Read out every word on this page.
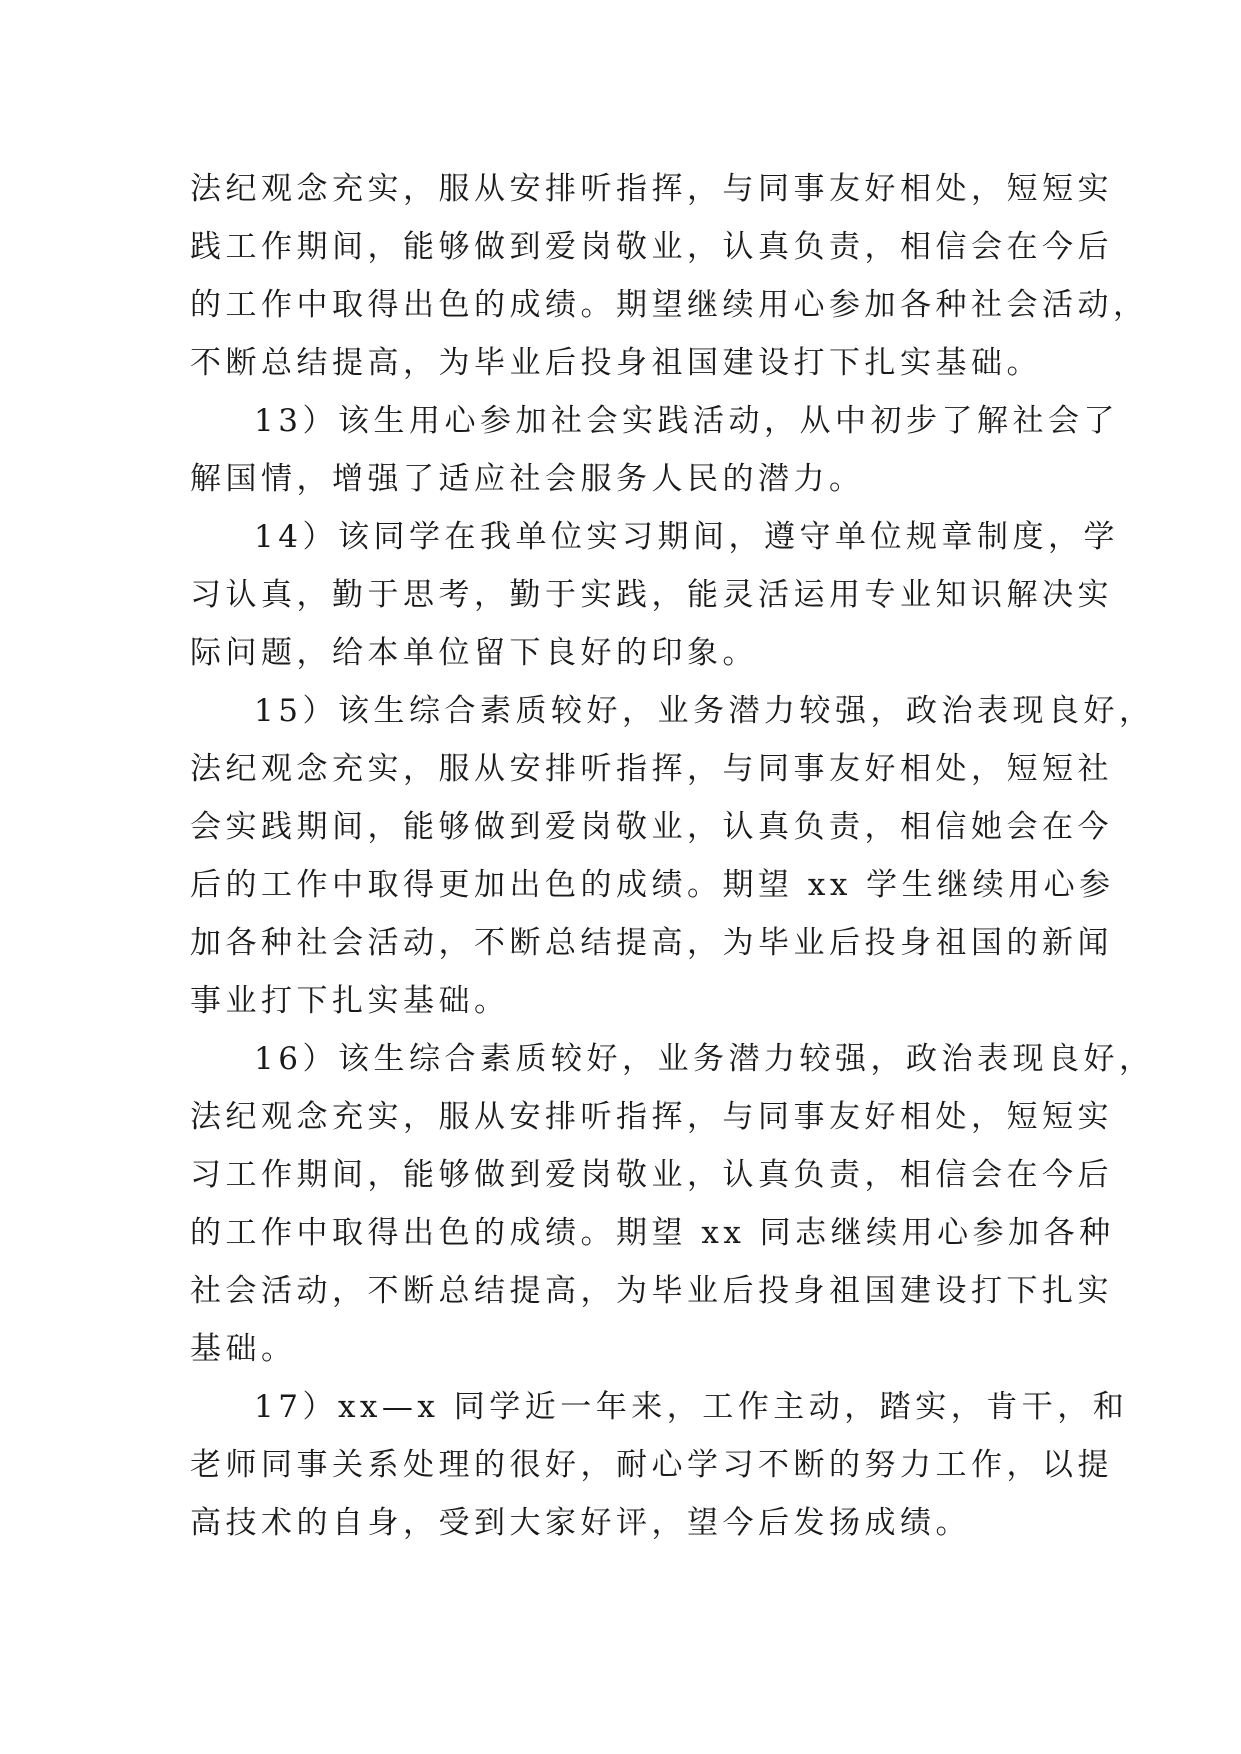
法纪观念充实，服从安排听指挥，与同事友好相处，短短实
践工作期间，能够做到爱岗敬业，认真负责，相信会在今后
的工作中取得出色的成绩。期望继续用心参加各种社会活动，
不断总结提高，为毕业后投身祖国建设打下扎实基础。
13）该生用心参加社会实践活动，从中初步了解社会了
解国情，增强了适应社会服务人民的潜力。
14）该同学在我单位实习期间，遵守单位规章制度，学
习认真，勤于思考，勤于实践，能灵活运用专业知识解决实
际问题，给本单位留下良好的印象。
15）该生综合素质较好，业务潜力较强，政治表现良好，
法纪观念充实，服从安排听指挥，与同事友好相处，短短社
会实践期间，能够做到爱岗敬业，认真负责，相信她会在今
后的工作中取得更加出色的成绩。期望 xx 学生继续用心参
加各种社会活动，不断总结提高，为毕业后投身祖国的新闻
事业打下扎实基础。
16）该生综合素质较好，业务潜力较强，政治表现良好，
法纪观念充实，服从安排听指挥，与同事友好相处，短短实
习工作期间，能够做到爱岗敬业，认真负责，相信会在今后
的工作中取得出色的成绩。期望 xx 同志继续用心参加各种
社会活动，不断总结提高，为毕业后投身祖国建设打下扎实
基础。
17）xx—x 同学近一年来，工作主动，踏实，肯干，和
老师同事关系处理的很好，耐心学习不断的努力工作，以提
高技术的自身，受到大家好评，望今后发扬成绩。
